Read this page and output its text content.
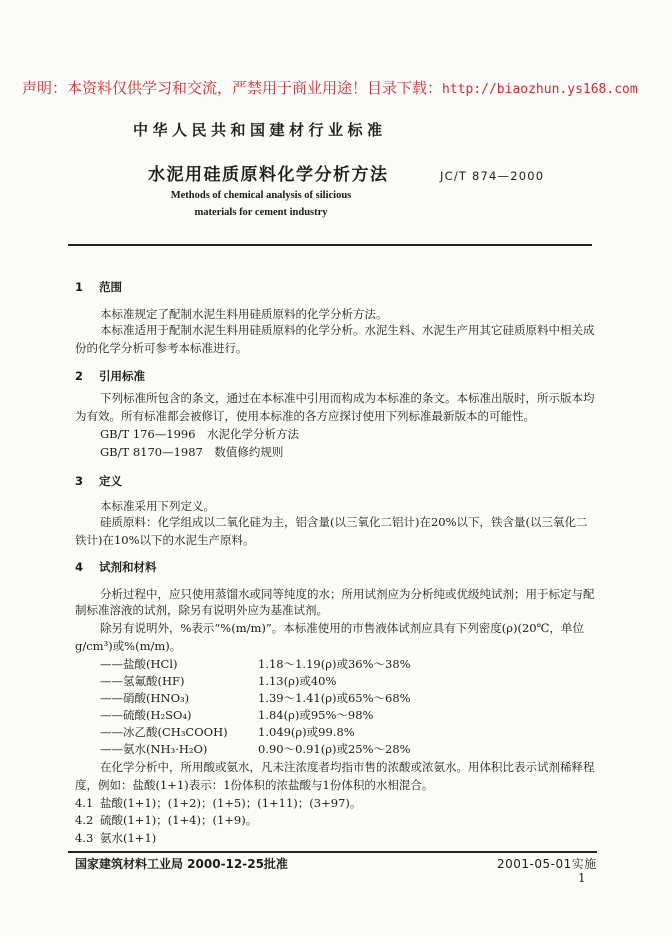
声明：本资料仅供学习和交流，严禁用于商业用途！目录下载：http://biaozhun.ys168.com
中华人民共和国建材行业标准
水泥用硅质原料化学分析方法	JC/T 874—2000
Methods of chemical analysis of silicious
materials for cement industry
1 范围
本标准规定了配制水泥生料用硅质原料的化学分析方法。
本标准适用于配制水泥生料用硅质原料的化学分析。水泥生料、水泥生产用其它硅质原料中相关成
份的化学分析可参考本标准进行。
2 引用标准
下列标准所包含的条文，通过在本标准中引用而构成为本标准的条文。本标准出版时，所示版本均
为有效。所有标准都会被修订，使用本标准的各方应探讨使用下列标准最新版本的可能性。
GB/T 176—1996　水泥化学分析方法
GB/T 8170—1987　数值修约规则
3 定义
本标准采用下列定义。
硅质原料：化学组成以二氧化硅为主，铝含量(以三氧化二铝计)在20%以下，铁含量(以三氧化二
铁计)在10%以下的水泥生产原料。
4 试剂和材料
分析过程中，应只使用蒸馏水或同等纯度的水；所用试剂应为分析纯或优级纯试剂；用于标定与配
制标准溶液的试剂，除另有说明外应为基准试剂。
除另有说明外，%表示“%(m/m)”。本标准使用的市售液体试剂应具有下列密度(ρ)(20℃，单位
g/cm³)或%(m/m)。
——盐酸(HCl)	1.18～1.19(ρ)或36%～38%
——氢氟酸(HF)	1.13(ρ)或40%
——硝酸(HNO₃)	1.39～1.41(ρ)或65%～68%
——硫酸(H₂SO₄)	1.84(ρ)或95%～98%
——冰乙酸(CH₃COOH)	1.049(ρ)或99.8%
——氨水(NH₃·H₂O)	0.90～0.91(ρ)或25%～28%
在化学分析中，所用酸或氨水，凡未注浓度者均指市售的浓酸或浓氨水。用体积比表示试剂稀释程
度，例如：盐酸(1+1)表示：1份体积的浓盐酸与1份体积的水相混合。
4.1 盐酸(1+1)；(1+2)；(1+5)；(1+11)；(3+97)。
4.2 硫酸(1+1)；(1+4)；(1+9)。
4.3 氨水(1+1)
国家建筑材料工业局 2000-12-25批准	2001-05-01实施
1
